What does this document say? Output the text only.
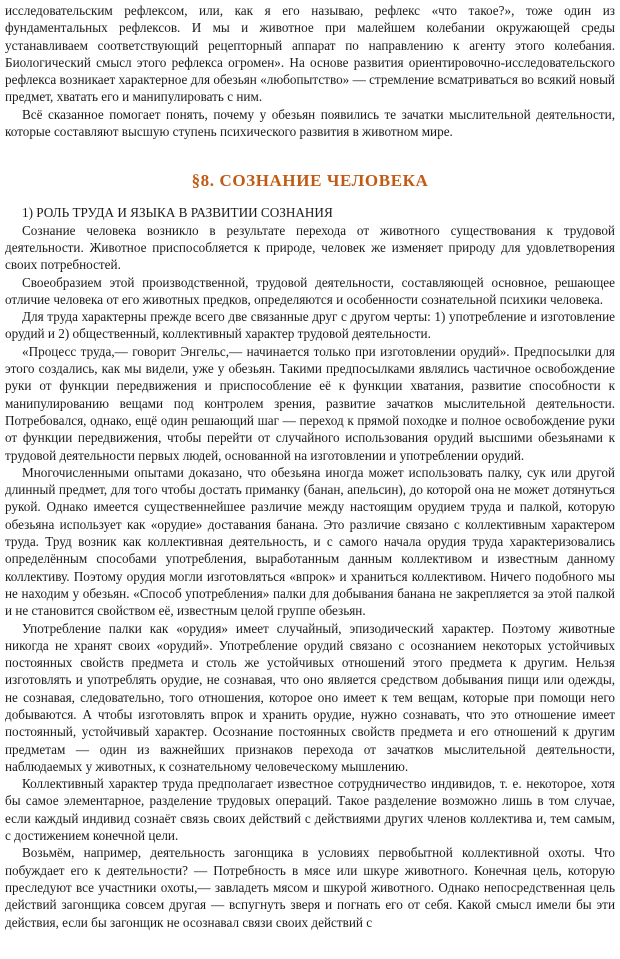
исследовательским рефлексом, или, как я его называю, рефлекс «что такое?», тоже один из фундаментальных рефлексов. И мы и животное при малейшем колебании окружающей среды устанавливаем соответствующий рецепторный аппарат по направлению к агенту этого колебания. Биологический смысл этого рефлекса огромен». На основе развития ориентировочно-исследовательского рефлекса возникает характерное для обезьян «любопытство» — стремление всматриваться во всякий новый предмет, хватать его и манипулировать с ним.

Всё сказанное помогает понять, почему у обезьян появились те зачатки мыслительной деятельности, которые составляют высшую ступень психического развития в животном мире.

§8. СОЗНАНИЕ ЧЕЛОВЕКА
1) РОЛЬ ТРУДА И ЯЗЫКА В РАЗВИТИИ СОЗНАНИЯ

Сознание человека возникло в результате перехода от животного существования к трудовой деятельности. Животное приспособляется к природе, человек же изменяет природу для удовлетворения своих потребностей.

Своеобразием этой производственной, трудовой деятельности, составляющей основное, решающее отличие человека от его животных предков, определяются и особенности сознательной психики человека.

Для труда характерны прежде всего две связанные друг с другом черты: 1) употребление и изготовление орудий и 2) общественный, коллективный характер трудовой деятельности.

«Процесс труда,— говорит Энгельс,— начинается только при изготовлении орудий». Предпосылки для этого создались, как мы видели, уже у обезьян. Такими предпосылками являлись частичное освобождение руки от функции передвижения и приспособление её к функции хватания, развитие способности к манипулированию вещами под контролем зрения, развитие зачатков мыслительной деятельности. Потребовался, однако, ещё один решающий шаг — переход к прямой походке и полное освобождение руки от функции передвижения, чтобы перейти от случайного использования орудий высшими обезьянами к трудовой деятельности первых людей, основанной на изготовлении и употреблении орудий.

Многочисленными опытами доказано, что обезьяна иногда может использовать палку, сук или другой длинный предмет, для того чтобы достать приманку (банан, апельсин), до которой она не может дотянуться рукой. Однако имеется существеннейшее различие между настоящим орудием труда и палкой, которую обезьяна использует как «орудие» доставания банана. Это различие связано с коллективным характером труда. Труд возник как коллективная деятельность, и с самого начала орудия труда характеризовались определённым способами употребления, выработанным данным коллективом и известным данному коллективу. Поэтому орудия могли изготовляться «впрок» и храниться коллективом. Ничего подобного мы не находим у обезьян. «Способ употребления» палки для добывания банана не закрепляется за этой палкой и не становится свойством её, известным целой группе обезьян.

Употребление палки как «орудия» имеет случайный, эпизодический характер. Поэтому животные никогда не хранят своих «орудий». Употребление орудий связано с осознанием некоторых устойчивых постоянных свойств предмета и столь же устойчивых отношений этого предмета к другим. Нельзя изготовлять и употреблять орудие, не сознавая, что оно является средством добывания пищи или одежды, не сознавая, следовательно, того отношения, которое оно имеет к тем вещам, которые при помощи него добываются. А чтобы изготовлять впрок и хранить орудие, нужно сознавать, что это отношение имеет постоянный, устойчивый характер. Осознание постоянных свойств предмета и его отношений к другим предметам — один из важнейших признаков перехода от зачатков мыслительной деятельности, наблюдаемых у животных, к сознательному человеческому мышлению.

Коллективный характер труда предполагает известное сотрудничество индивидов, т. е. некоторое, хотя бы самое элементарное, разделение трудовых операций. Такое разделение возможно лишь в том случае, если каждый индивид сознаёт связь своих действий с действиями других членов коллектива и, тем самым, с достижением конечной цели.

Возьмём, например, деятельность загонщика в условиях первобытной коллективной охоты. Что побуждает его к деятельности? — Потребность в мясе или шкуре животного. Конечная цель, которую преследуют все участники охоты,— завладеть мясом и шкурой животного. Однако непосредственная цель действий загонщика совсем другая — вспугнуть зверя и погнать его от себя. Какой смысл имели бы эти действия, если бы загонщик не осознавал связи своих действий с
